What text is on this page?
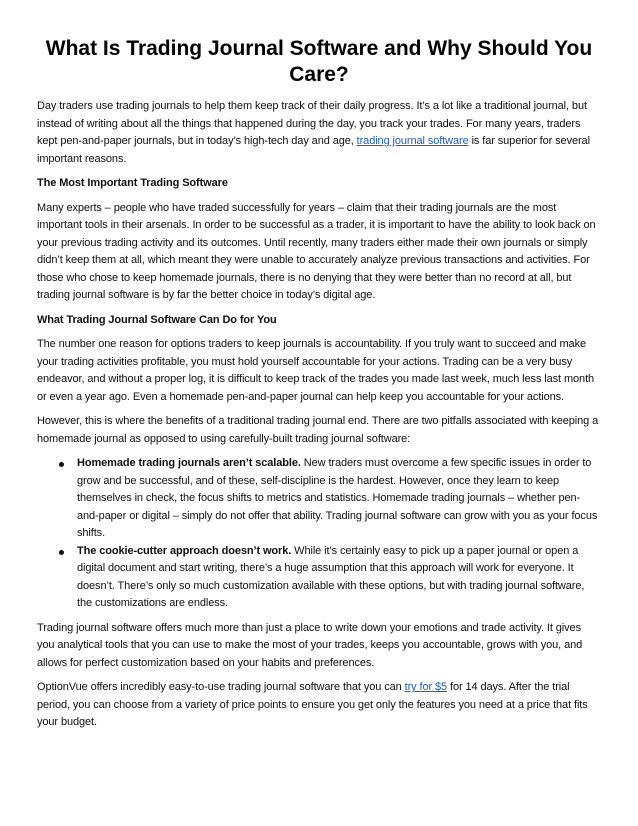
What Is Trading Journal Software and Why Should You Care?

Day traders use trading journals to help them keep track of their daily progress. It’s a lot like a traditional journal, but instead of writing about all the things that happened during the day, you track your trades. For many years, traders kept pen-and-paper journals, but in today’s high-tech day and age, trading journal software is far superior for several important reasons.

The Most Important Trading Software

Many experts – people who have traded successfully for years – claim that their trading journals are the most important tools in their arsenals. In order to be successful as a trader, it is important to have the ability to look back on your previous trading activity and its outcomes. Until recently, many traders either made their own journals or simply didn’t keep them at all, which meant they were unable to accurately analyze previous transactions and activities. For those who chose to keep homemade journals, there is no denying that they were better than no record at all, but trading journal software is by far the better choice in today’s digital age.

What Trading Journal Software Can Do for You

The number one reason for options traders to keep journals is accountability. If you truly want to succeed and make your trading activities profitable, you must hold yourself accountable for your actions. Trading can be a very busy endeavor, and without a proper log, it is difficult to keep track of the trades you made last week, much less last month or even a year ago. Even a homemade pen-and-paper journal can help keep you accountable for your actions.

However, this is where the benefits of a traditional trading journal end. There are two pitfalls associated with keeping a homemade journal as opposed to using carefully-built trading journal software:

Homemade trading journals aren’t scalable. New traders must overcome a few specific issues in order to grow and be successful, and of these, self-discipline is the hardest. However, once they learn to keep themselves in check, the focus shifts to metrics and statistics. Homemade trading journals – whether pen-and-paper or digital – simply do not offer that ability. Trading journal software can grow with you as your focus shifts.
The cookie-cutter approach doesn’t work. While it’s certainly easy to pick up a paper journal or open a digital document and start writing, there’s a huge assumption that this approach will work for everyone. It doesn’t. There’s only so much customization available with these options, but with trading journal software, the customizations are endless.

Trading journal software offers much more than just a place to write down your emotions and trade activity. It gives you analytical tools that you can use to make the most of your trades, keeps you accountable, grows with you, and allows for perfect customization based on your habits and preferences.

OptionVue offers incredibly easy-to-use trading journal software that you can try for $5 for 14 days. After the trial period, you can choose from a variety of price points to ensure you get only the features you need at a price that fits your budget.
